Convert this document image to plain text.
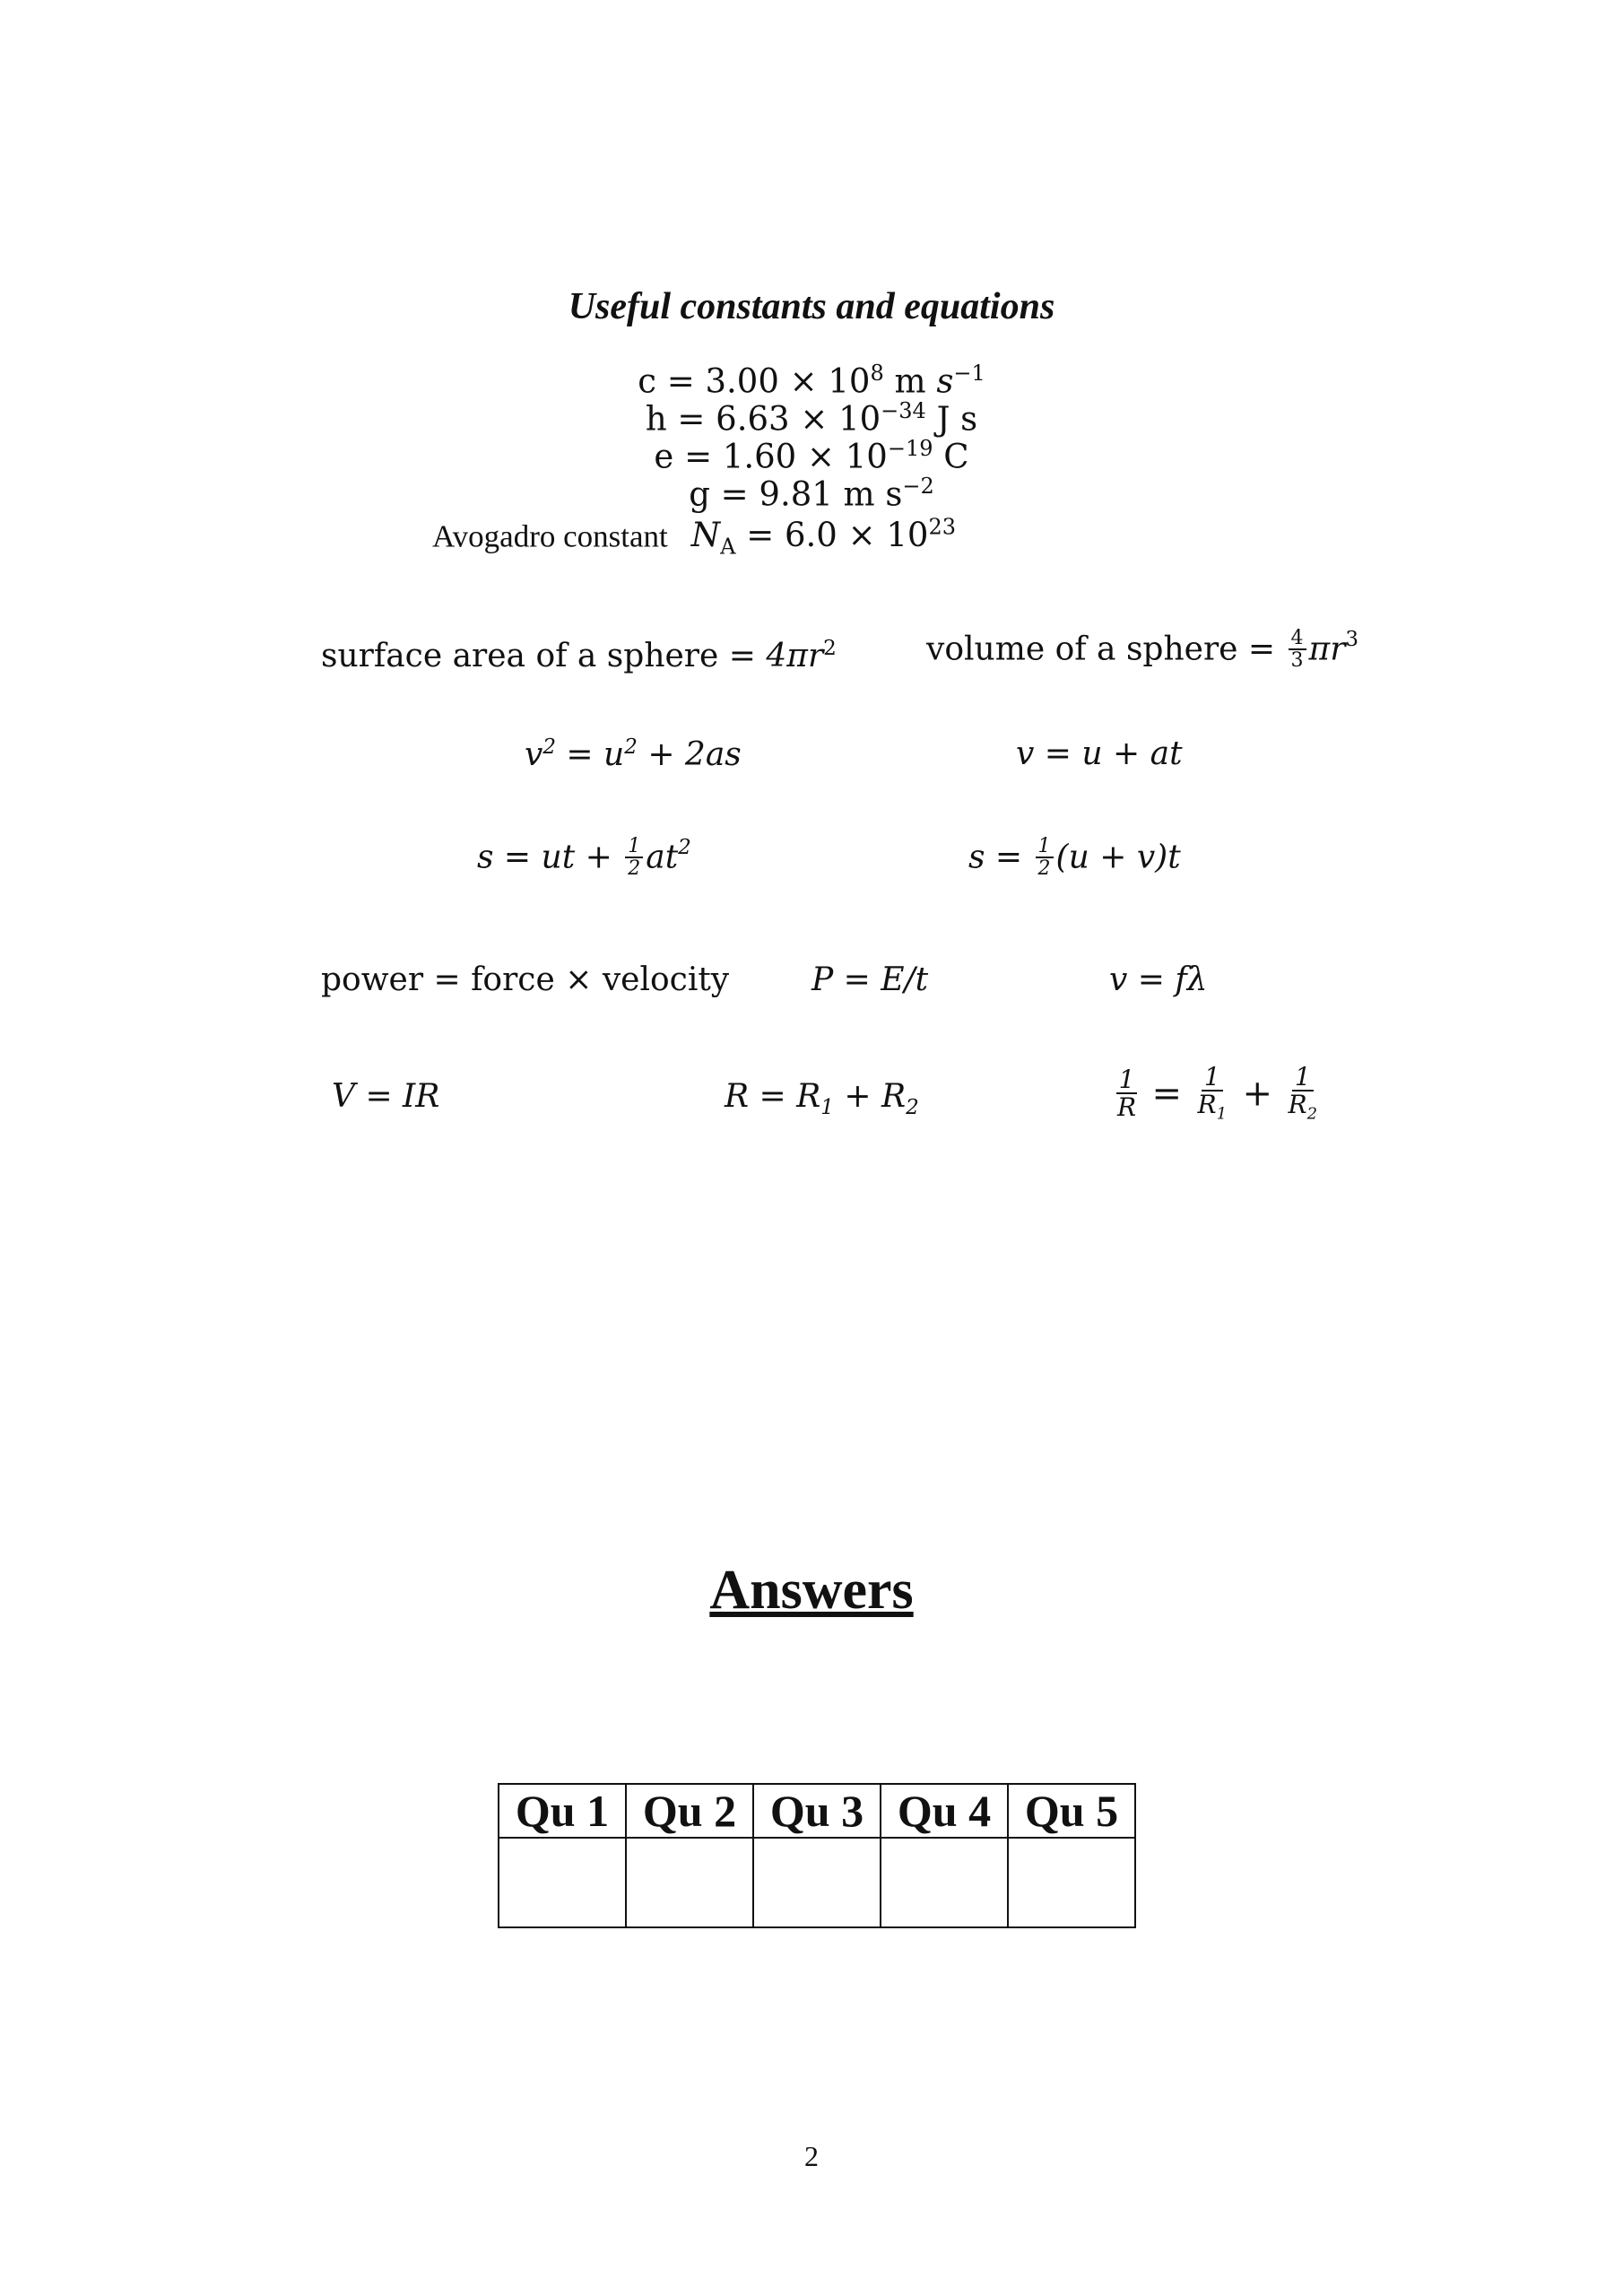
Useful constants and equations
$c = 3.00 \times 10^8$ m $s^{-1}$
$h = 6.63 \times 10^{-34}$ J s
$e = 1.60 \times 10^{-19}$ C
g = 9.81 m $s^{-2}$
Avogadro constant $N_A = 6.0 \times 10^{23}$
surface area of a sphere = $4\pi r^2$	volume of a sphere = $\frac{4}{3} \pi r^3$
$v^2 = u^2 + 2as$	v = u + at
s = ut + $\frac{1}{2} at^2$	$s = \frac{1}{2} (u + v)t$
power = force × velocity	P = E/t	v = fλ
V = IR	$R = R_1 + R_2$	$\frac{1}{R} = \frac{1}{R_1} + \frac{1}{R_2}$
Answers
Qu 1	Qu 2	Qu 3	Qu 4	Qu 5

2
